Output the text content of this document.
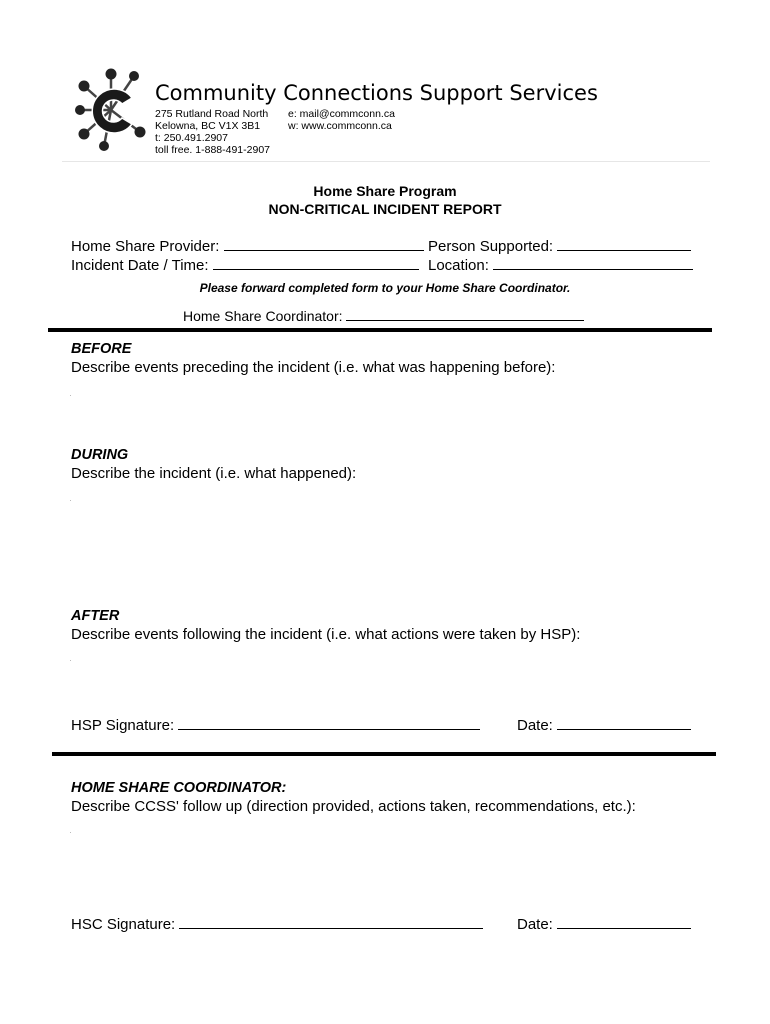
Community Connections Support Services
275 Rutland Road North
Kelowna, BC V1X 3B1
t: 250.491.2907
toll free. 1-888-491-2907
e: mail@commconn.ca
w: www.commconn.ca
Home Share Program
NON-CRITICAL INCIDENT REPORT
Home Share Provider:	Person Supported:
Incident Date / Time:	Location:
Please forward completed form to your Home Share Coordinator.
Home Share Coordinator:
BEFORE
Describe events preceding the incident (i.e. what was happening before):
DURING
Describe the incident (i.e. what happened):
AFTER
Describe events following the incident (i.e. what actions were taken by HSP):
HSP Signature:	Date:
HOME SHARE COORDINATOR:
Describe CCSS' follow up (direction provided, actions taken, recommendations, etc.):
HSC Signature:	Date:
